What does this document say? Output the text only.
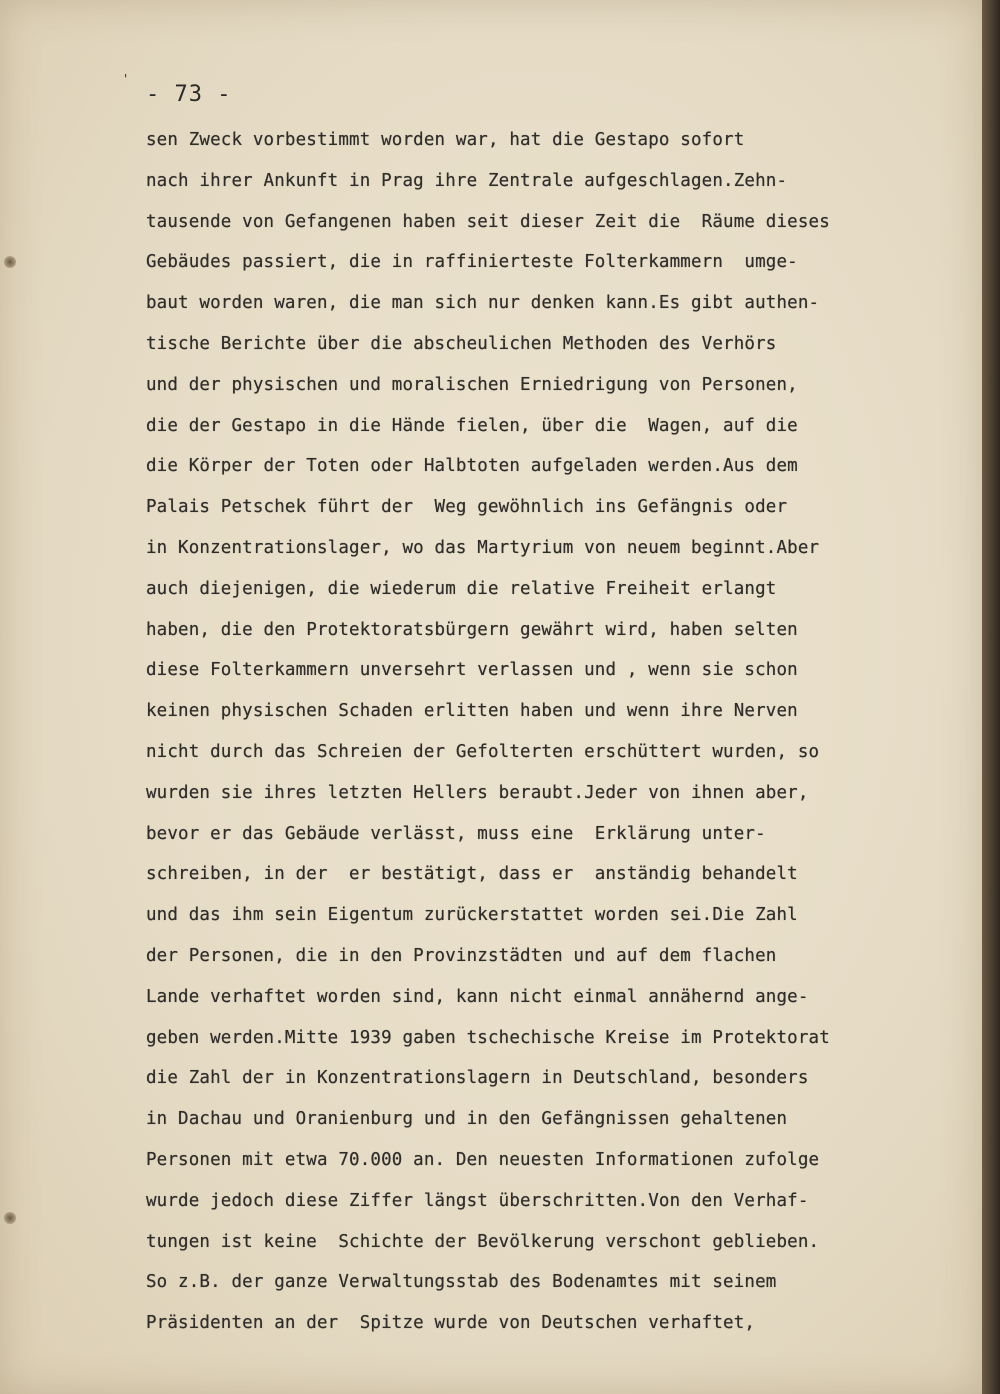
'
- 73 -
sen Zweck vorbestimmt worden war, hat die Gestapo sofort
nach ihrer Ankunft in Prag ihre Zentrale aufgeschlagen.Zehn-
tausende von Gefangenen haben seit dieser Zeit die  Räume dieses
Gebäudes passiert, die in raffinierteste Folterkammern  umge-
baut worden waren, die man sich nur denken kann.Es gibt authen-
tische Berichte über die abscheulichen Methoden des Verhörs
und der physischen und moralischen Erniedrigung von Personen,
die der Gestapo in die Hände fielen, über die  Wagen, auf die
die Körper der Toten oder Halbtoten aufgeladen werden.Aus dem
Palais Petschek führt der  Weg gewöhnlich ins Gefängnis oder
in Konzentrationslager, wo das Martyrium von neuem beginnt.Aber
auch diejenigen, die wiederum die relative Freiheit erlangt
haben, die den Protektoratsbürgern gewährt wird, haben selten
diese Folterkammern unversehrt verlassen und , wenn sie schon
keinen physischen Schaden erlitten haben und wenn ihre Nerven
nicht durch das Schreien der Gefolterten erschüttert wurden, so
wurden sie ihres letzten Hellers beraubt.Jeder von ihnen aber,
bevor er das Gebäude verlässt, muss eine  Erklärung unter-
schreiben, in der  er bestätigt, dass er  anständig behandelt
und das ihm sein Eigentum zurückerstattet worden sei.Die Zahl
der Personen, die in den Provinzstädten und auf dem flachen
Lande verhaftet worden sind, kann nicht einmal annähernd ange-
geben werden.Mitte 1939 gaben tschechische Kreise im Protektorat
die Zahl der in Konzentrationslagern in Deutschland, besonders
in Dachau und Oranienburg und in den Gefängnissen gehaltenen
Personen mit etwa 70.000 an. Den neuesten Informationen zufolge
wurde jedoch diese Ziffer längst überschritten.Von den Verhaf-
tungen ist keine  Schichte der Bevölkerung verschont geblieben.
So z.B. der ganze Verwaltungsstab des Bodenamtes mit seinem
Präsidenten an der  Spitze wurde von Deutschen verhaftet,
